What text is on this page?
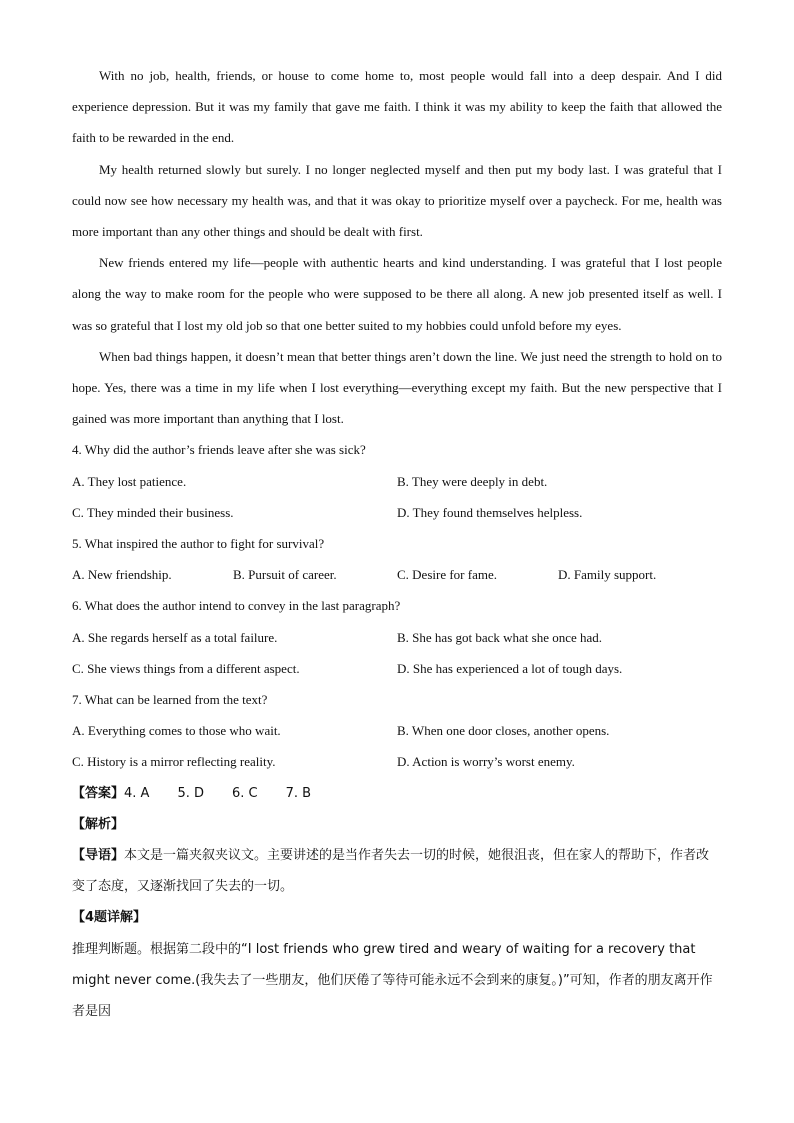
With no job, health, friends, or house to come home to, most people would fall into a deep despair. And I did experience depression. But it was my family that gave me faith. I think it was my ability to keep the faith that allowed the faith to be rewarded in the end.

My health returned slowly but surely. I no longer neglected myself and then put my body last. I was grateful that I could now see how necessary my health was, and that it was okay to prioritize myself over a paycheck. For me, health was more important than any other things and should be dealt with first.

New friends entered my life—people with authentic hearts and kind understanding. I was grateful that I lost people along the way to make room for the people who were supposed to be there all along. A new job presented itself as well. I was so grateful that I lost my old job so that one better suited to my hobbies could unfold before my eyes.

When bad things happen, it doesn’t mean that better things aren’t down the line. We just need the strength to hold on to hope. Yes, there was a time in my life when I lost everything—everything except my faith. But the new perspective that I gained was more important than anything that I lost.

4. Why did the author’s friends leave after she was sick?

A. They lost patience.	B. They were deeply in debt.
C. They minded their business.	D. They found themselves helpless.

5. What inspired the author to fight for survival?

A. New friendship.	B. Pursuit of career.	C. Desire for fame.	D. Family support.

6. What does the author intend to convey in the last paragraph?

A. She regards herself as a total failure.	B. She has got back what she once had.
C. She views things from a different aspect.	D. She has experienced a lot of tough days.

7. What can be learned from the text?

A. Everything comes to those who wait.	B. When one door closes, another opens.
C. History is a mirror reflecting reality.	D. Action is worry’s worst enemy.

【答案】4. A 5. D 6. C 7. B

【解析】

【导语】本文是一篇夹叙夹议文。主要讲述的是当作者失去一切的时候，她很沮丧，但在家人的帮助下，作者改变了态度，又逐渐找回了失去的一切。

【4题详解】

推理判断题。根据第二段中的“I lost friends who grew tired and weary of waiting for a recovery that might never come.(我失去了一些朋友，他们厌倦了等待可能永远不会到来的康复。)”可知，作者的朋友离开作者是因
